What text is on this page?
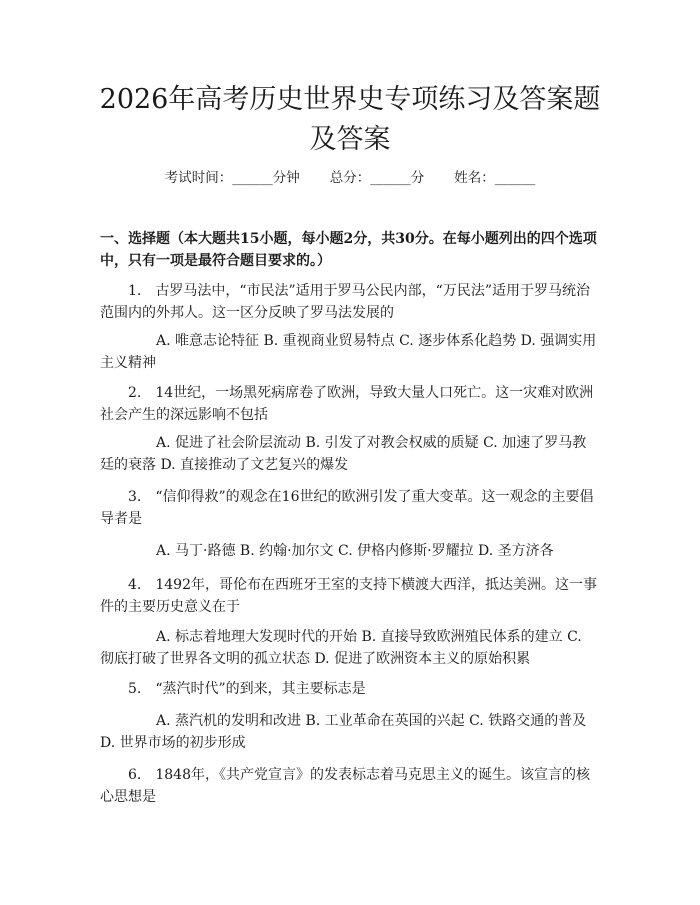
2026年高考历史世界史专项练习及答案题及答案
考试时间：______分钟 总分：______分 姓名：______

一、选择题（本大题共15小题，每小题2分，共30分。在每小题列出的四个选项中，只有一项是最符合题目要求的。）

1.　古罗马法中，“市民法”适用于罗马公民内部，“万民法”适用于罗马统治范围内的外邦人。这一区分反映了罗马法发展的

A. 唯意志论特征 B. 重视商业贸易特点 C. 逐步体系化趋势 D. 强调实用主义精神

2.　14世纪，一场黑死病席卷了欧洲，导致大量人口死亡。这一灾难对欧洲社会产生的深远影响不包括

A. 促进了社会阶层流动 B. 引发了对教会权威的质疑 C. 加速了罗马教廷的衰落 D. 直接推动了文艺复兴的爆发

3.　“信仰得救”的观念在16世纪的欧洲引发了重大变革。这一观念的主要倡导者是

A. 马丁·路德 B. 约翰·加尔文 C. 伊格内修斯·罗耀拉 D. 圣方济各

4.　1492年，哥伦布在西班牙王室的支持下横渡大西洋，抵达美洲。这一事件的主要历史意义在于

A. 标志着地理大发现时代的开始 B. 直接导致欧洲殖民体系的建立 C. 彻底打破了世界各文明的孤立状态 D. 促进了欧洲资本主义的原始积累

5.　“蒸汽时代”的到来，其主要标志是

A. 蒸汽机的发明和改进 B. 工业革命在英国的兴起 C. 铁路交通的普及 D. 世界市场的初步形成

6.　1848年，《共产党宣言》的发表标志着马克思主义的诞生。该宣言的核心思想是
